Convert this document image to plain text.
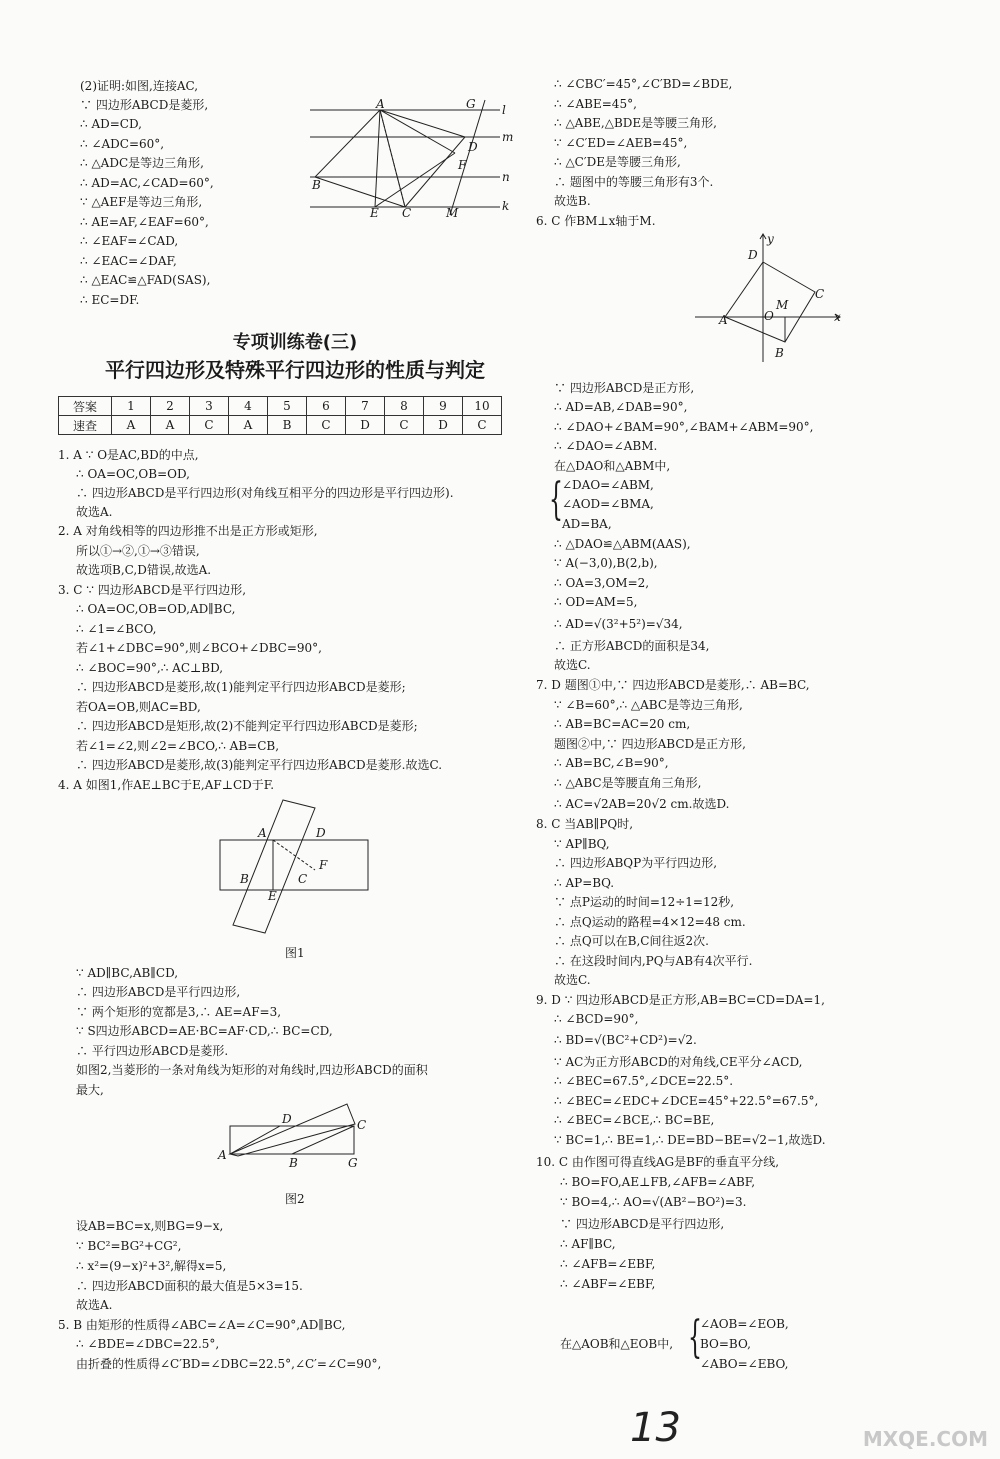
(2)证明:如图,连接AC,
∵ 四边形ABCD是菱形,
∴ AD=CD,
∴ ∠ADC=60°,
∴ △ADC是等边三角形,
∴ AD=AC,∠CAD=60°,
∵ △AEF是等边三角形,
∴ AE=AF,∠EAF=60°,
∴ ∠EAF=∠CAD,
∴ ∠EAC=∠DAF,
∴ △EAC≌△FAD(SAS),
∴ EC=DF.
A	G l
m
D
F
n
B
k
E C	M
专项训练卷(三)
平行四边形及特殊平行四边形的性质与判定
答案	1	2	3	4	5	6	7	8	9	10
速查	A	A	C	A	B	C	D	C	D	C
1. A ∵ O是AC,BD的中点,
∴ OA=OC,OB=OD,
∴ 四边形ABCD是平行四边形(对角线互相平分的四边形是平行四边形).
故选A.
2. A 对角线相等的四边形推不出是正方形或矩形,
所以①→②,①→③错误,
故选项B,C,D错误,故选A.
3. C ∵ 四边形ABCD是平行四边形,
∴ OA=OC,OB=OD,AD∥BC,
∴ ∠1=∠BCO,
若∠1+∠DBC=90°,则∠BCO+∠DBC=90°,
∴ ∠BOC=90°,∴ AC⊥BD,
∴ 四边形ABCD是菱形,故(1)能判定平行四边形ABCD是菱形;
若OA=OB,则AC=BD,
∴ 四边形ABCD是矩形,故(2)不能判定平行四边形ABCD是菱形;
若∠1=∠2,则∠2=∠BCO,∴ AB=CB,
∴ 四边形ABCD是菱形,故(3)能判定平行四边形ABCD是菱形.故选C.
4. A 如图1,作AE⊥BC于E,AF⊥CD于F.
A	D
F
B	C
E
图1
∵ AD∥BC,AB∥CD,
∴ 四边形ABCD是平行四边形,
∵ 两个矩形的宽都是3,∴ AE=AF=3,
∵ S四边形ABCD=AE·BC=AF·CD,∴ BC=CD,
∴ 平行四边形ABCD是菱形.
如图2,当菱形的一条对角线为矩形的对角线时,四边形ABCD的面积
最大,
D	C
A
B	G
图2
设AB=BC=x,则BG=9−x,
∵ BC²=BG²+CG²,
∴ x²=(9−x)²+3²,解得x=5,
∴ 四边形ABCD面积的最大值是5×3=15.
故选A.
5. B 由矩形的性质得∠ABC=∠A=∠C=90°,AD∥BC,
∴ ∠BDE=∠DBC=22.5°,
由折叠的性质得∠C′BD=∠DBC=22.5°,∠C′=∠C=90°,
∴ ∠CBC′=45°,∠C′BD=∠BDE,
∴ ∠ABE=45°,
∴ △ABE,△BDE是等腰三角形,
∵ ∠C′ED=∠AEB=45°,
∴ △C′DE是等腰三角形,
∴ 题图中的等腰三角形有3个.
故选B.
6. C 作BM⊥x轴于M.
y
D
C
M
A	O	x
B
∵ 四边形ABCD是正方形,
∴ AD=AB,∠DAB=90°,
∴ ∠DAO+∠BAM=90°,∠BAM+∠ABM=90°,
∴ ∠DAO=∠ABM.
在△DAO和△ABM中,
{ ∠DAO=∠ABM,
∠AOD=∠BMA,
AD=BA,
∴ △DAO≌△ABM(AAS),
∵ A(−3,0),B(2,b),
∴ OA=3,OM=2,
∴ OD=AM=5,
∴ AD=√(3²+5²)=√34,
∴ 正方形ABCD的面积是34,
故选C.
7. D 题图①中,∵ 四边形ABCD是菱形,∴ AB=BC,
∵ ∠B=60°,∴ △ABC是等边三角形,
∴ AB=BC=AC=20 cm,
题图②中,∵ 四边形ABCD是正方形,
∴ AB=BC,∠B=90°,
∴ △ABC是等腰直角三角形,
∴ AC=√2AB=20√2 cm.故选D.
8. C 当AB∥PQ时,
∵ AP∥BQ,
∴ 四边形ABQP为平行四边形,
∴ AP=BQ.
∵ 点P运动的时间=12÷1=12秒,
∴ 点Q运动的路程=4×12=48 cm.
∴ 点Q可以在B,C间往返2次.
∴ 在这段时间内,PQ与AB有4次平行.
故选C.
9. D ∵ 四边形ABCD是正方形,AB=BC=CD=DA=1,
∴ ∠BCD=90°,
∴ BD=√(BC²+CD²)=√2.
∵ AC为正方形ABCD的对角线,CE平分∠ACD,
∴ ∠BEC=67.5°,∠DCE=22.5°.
∴ ∠BEC=∠EDC+∠DCE=45°+22.5°=67.5°,
∴ ∠BEC=∠BCE,∴ BC=BE,
∵ BC=1,∴ BE=1,∴ DE=BD−BE=√2−1,故选D.
10. C 由作图可得直线AG是BF的垂直平分线,
∴ BO=FO,AE⊥FB,∠AFB=∠ABF,
∵ BO=4,∴ AO=√(AB²−BO²)=3.
∵ 四边形ABCD是平行四边形,
∴ AF∥BC,
∴ ∠AFB=∠EBF,
∴ ∠ABF=∠EBF,
在△AOB和△EOB中, {
∠AOB=∠EOB,
BO=BO,
∠ABO=∠EBO,
13	MXQE.COM
